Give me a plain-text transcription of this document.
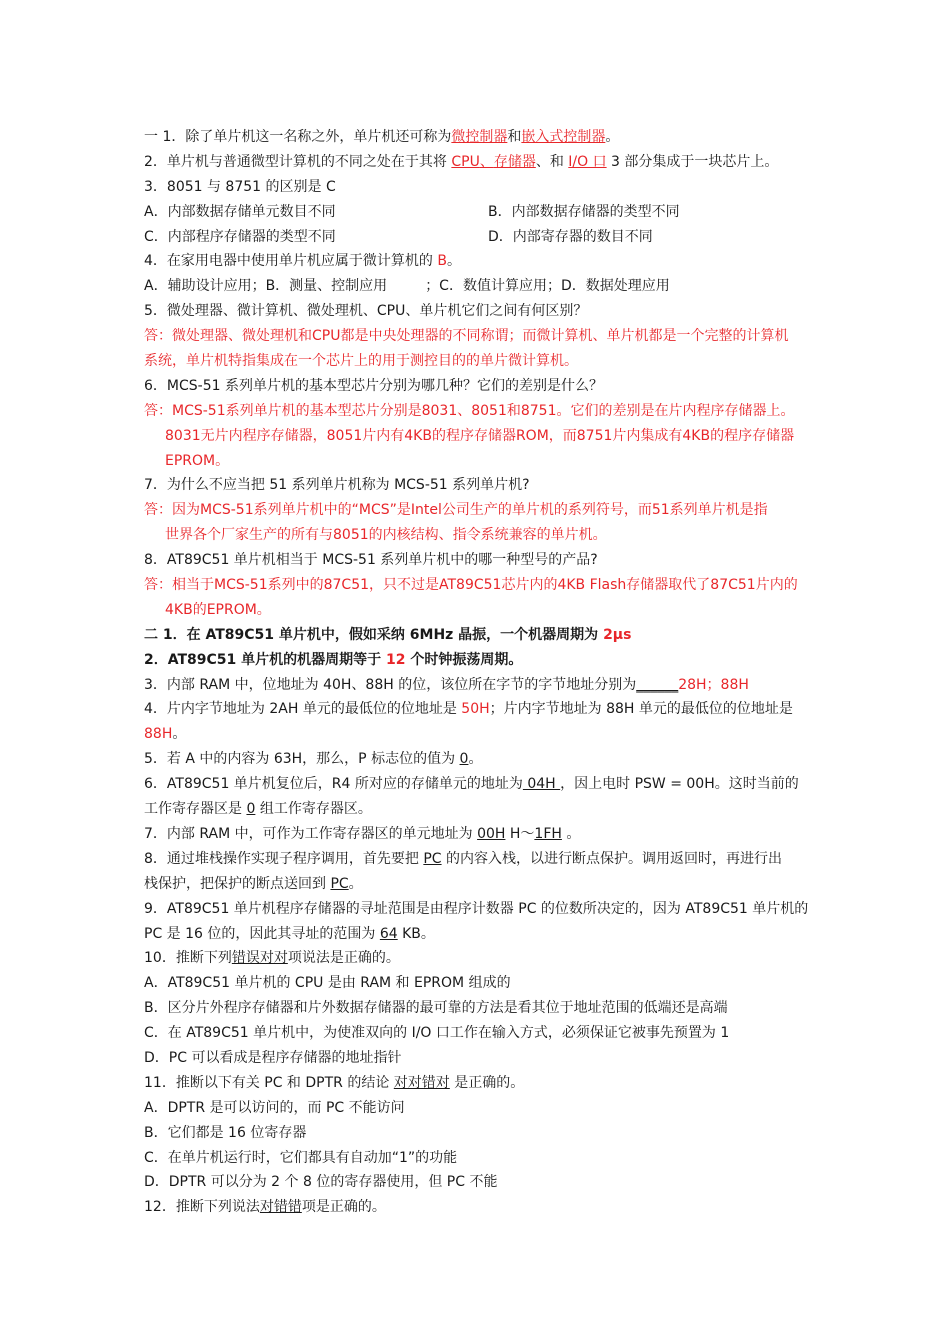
一 1．除了单片机这一名称之外，单片机还可称为微控制器和嵌入式控制器。
2．单片机与普通微型计算机的不同之处在于其将 CPU、存储器、和 I/O 口 3 部分集成于一块芯片上。
3．8051 与 8751 的区别是 C
A．内部数据存储单元数目不同	B．内部数据存储器的类型不同
C．内部程序存储器的类型不同	D．内部寄存器的数目不同
4．在家用电器中使用单片机应属于微计算机的 B。
A．辅助设计应用；B．测量、控制应用	；C．数值计算应用；D．数据处理应用
5．微处理器、微计算机、微处理机、CPU、单片机它们之间有何区别？
答：微处理器、微处理机和CPU都是中央处理器的不同称谓；而微计算机、单片机都是一个完整的计算机
系统，单片机特指集成在一个芯片上的用于测控目的的单片微计算机。
6．MCS-51 系列单片机的基本型芯片分别为哪几种？它们的差别是什么？
答：MCS-51系列单片机的基本型芯片分别是8031、8051和8751。它们的差别是在片内程序存储器上。
8031无片内程序存储器，8051片内有4KB的程序存储器ROM，而8751片内集成有4KB的程序存储器
EPROM。
7．为什么不应当把 51 系列单片机称为 MCS-51 系列单片机?
答：因为MCS-51系列单片机中的“MCS”是Intel公司生产的单片机的系列符号，而51系列单片机是指
世界各个厂家生产的所有与8051的内核结构、指令系统兼容的单片机。
8．AT89C51 单片机相当于 MCS-51 系列单片机中的哪一种型号的产品?
答：相当于MCS-51系列中的87C51，只不过是AT89C51芯片内的4KB Flash存储器取代了87C51片内的
4KB的EPROM。
二 1．在 AT89C51 单片机中，假如采纳 6MHz 晶振，一个机器周期为 2μs
2．AT89C51 单片机的机器周期等于 12 个时钟振荡周期。
3．内部 RAM 中，位地址为 40H、88H 的位，该位所在字节的字节地址分别为______28H；88H
4．片内字节地址为 2AH 单元的最低位的位地址是 50H；片内字节地址为 88H 单元的最低位的位地址是
88H。
5．若 A 中的内容为 63H，那么，P 标志位的值为 0。
6．AT89C51 单片机复位后，R4 所对应的存储单元的地址为 04H ，因上电时 PSW = 00H。这时当前的
工作寄存器区是 0 组工作寄存器区。
7．内部 RAM 中，可作为工作寄存器区的单元地址为 00H H～1FH 。
8．通过堆栈操作实现子程序调用，首先要把 PC 的内容入栈，以进行断点保护。调用返回时，再进行出
栈保护，把保护的断点送回到 PC。
9．AT89C51 单片机程序存储器的寻址范围是由程序计数器 PC 的位数所决定的，因为 AT89C51 单片机的
PC 是 16 位的，因此其寻址的范围为 64 KB。
10．推断下列错误对对项说法是正确的。
A．AT89C51 单片机的 CPU 是由 RAM 和 EPROM 组成的
B．区分片外程序存储器和片外数据存储器的最可靠的方法是看其位于地址范围的低端还是高端
C．在 AT89C51 单片机中，为使准双向的 I/O 口工作在输入方式，必须保证它被事先预置为 1
D．PC 可以看成是程序存储器的地址指针
11．推断以下有关 PC 和 DPTR 的结论 对对错对 是正确的。
A．DPTR 是可以访问的，而 PC 不能访问
B．它们都是 16 位寄存器
C．在单片机运行时，它们都具有自动加“1”的功能
D．DPTR 可以分为 2 个 8 位的寄存器使用，但 PC 不能
12．推断下列说法对错错项是正确的。
